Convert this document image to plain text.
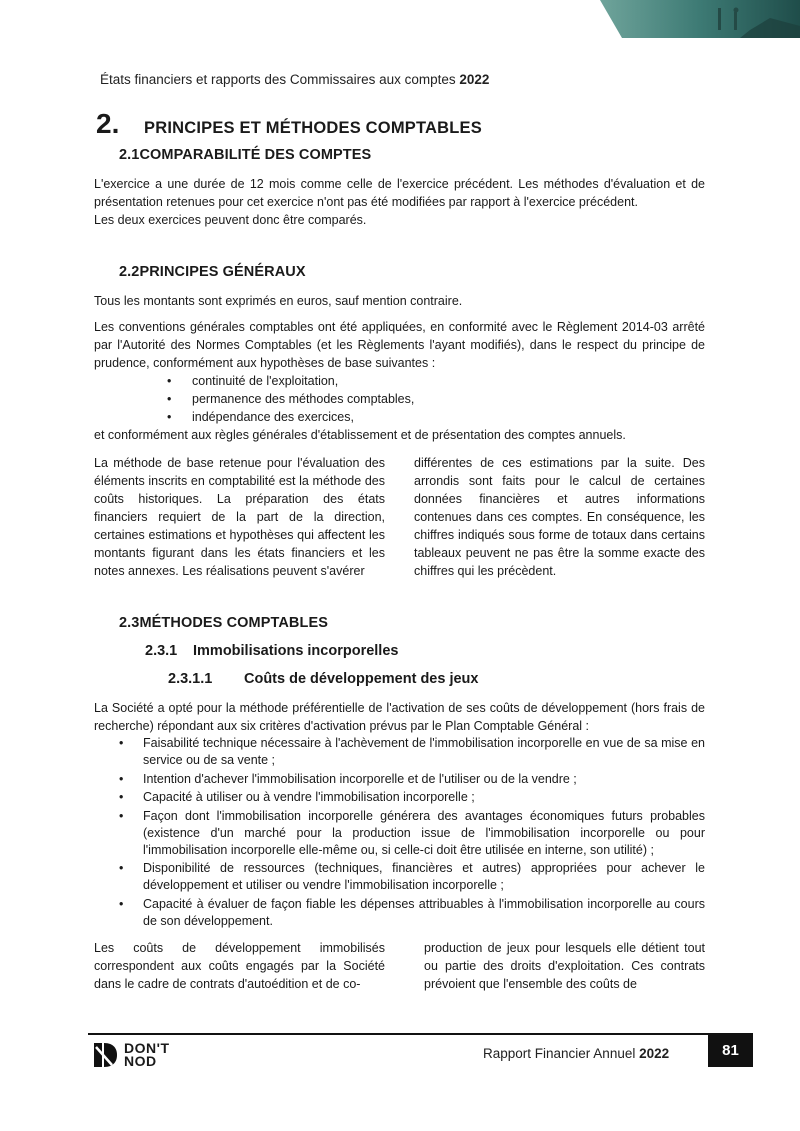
États financiers et rapports des Commissaires aux comptes 2022
2.	PRINCIPES ET MÉTHODES COMPTABLES
2.1COMPARABILITÉ DES COMPTES
L'exercice a une durée de 12 mois comme celle de l'exercice précédent. Les méthodes d'évaluation et de présentation retenues pour cet exercice n'ont pas été modifiées par rapport à l'exercice précédent.
Les deux exercices peuvent donc être comparés.
2.2PRINCIPES GÉNÉRAUX
Tous les montants sont exprimés en euros, sauf mention contraire.
Les conventions générales comptables ont été appliquées, en conformité avec le Règlement 2014-03 arrêté par l'Autorité des Normes Comptables (et les Règlements l'ayant modifiés), dans le respect du principe de prudence, conformément aux hypothèses de base suivantes :
• continuité de l'exploitation,
• permanence des méthodes comptables,
• indépendance des exercices,
et conformément aux règles générales d'établissement et de présentation des comptes annuels.
La méthode de base retenue pour l'évaluation des éléments inscrits en comptabilité est la méthode des coûts historiques. La préparation des états financiers requiert de la part de la direction, certaines estimations et hypothèses qui affectent les montants figurant dans les états financiers et les notes annexes. Les réalisations peuvent s'avérer
différentes de ces estimations par la suite. Des arrondis sont faits pour le calcul de certaines données financières et autres informations contenues dans ces comptes. En conséquence, les chiffres indiqués sous forme de totaux dans certains tableaux peuvent ne pas être la somme exacte des chiffres qui les précèdent.
2.3MÉTHODES COMPTABLES
2.3.1 Immobilisations incorporelles
2.3.1.1 Coûts de développement des jeux
La Société a opté pour la méthode préférentielle de l'activation de ses coûts de développement (hors frais de recherche) répondant aux six critères d'activation prévus par le Plan Comptable Général :
• Faisabilité technique nécessaire à l'achèvement de l'immobilisation incorporelle en vue de sa mise en service ou de sa vente ;
• Intention d'achever l'immobilisation incorporelle et de l'utiliser ou de la vendre ;
• Capacité à utiliser ou à vendre l'immobilisation incorporelle ;
• Façon dont l'immobilisation incorporelle générera des avantages économiques futurs probables (existence d'un marché pour la production issue de l'immobilisation incorporelle ou pour l'immobilisation incorporelle elle-même ou, si celle-ci doit être utilisée en interne, son utilité) ;
• Disponibilité de ressources (techniques, financières et autres) appropriées pour achever le développement et utiliser ou vendre l'immobilisation incorporelle ;
• Capacité à évaluer de façon fiable les dépenses attribuables à l'immobilisation incorporelle au cours de son développement.
Les coûts de développement immobilisés correspondent aux coûts engagés par la Société dans le cadre de contrats d'autoédition et de co-
production de jeux pour lesquels elle détient tout ou partie des droits d'exploitation. Ces contrats prévoient que l'ensemble des coûts de
DON'T
NOD	Rapport Financier Annuel 2022	81
